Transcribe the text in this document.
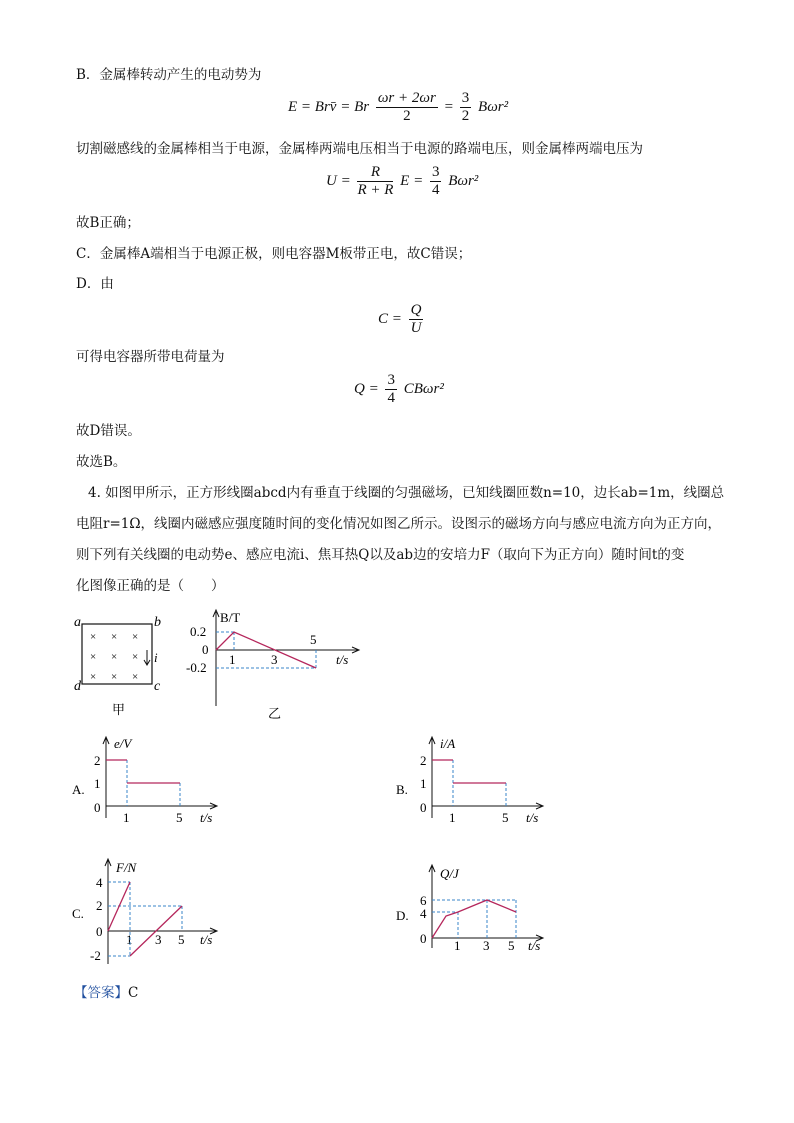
B．金属棒转动产生的电动势为
E = Brv̄ = Br $\frac{\omega r + 2\omega r}{2} = \frac{3}{2} B\omega r^2$
切割磁感线的金属棒相当于电源，金属棒两端电压相当于电源的路端电压，则金属棒两端电压为
$U = \frac{R}{R + R}$ $E = \frac{3}{4} B\omega r^2$
故B正确；
C．金属棒A端相当于电源正极，则电容器M板带正电，故C错误；
D．由
$C = \frac{Q}{U}$
可得电容器所带电荷量为
$Q = \frac{3}{4} CB\omega r^2$
故D错误。
故选B。
4. 如图甲所示，正方形线圈abcd内有垂直于线圈的匀强磁场，已知线圈匝数n=10，边长ab=1m，线圈总
电阻r=1Ω，线圈内磁感应强度随时间的变化情况如图乙所示。设图示的磁场方向与感应电流方向为正方向，
则下列有关线圈的电动势e、感应电流i、焦耳热Q以及ab边的安培力F（取向下为正方向）随时间t的变
化图像正确的是（　　）
a	b
c
d
× × ×
× × ×
× × ×
i
甲
B/T
t/s
0.2
0
-0.2
1	3
5
乙
A.
e/V
t/s
2
1
0
1	5
B.
i/A
t/s
2
1
0
1	5
C.
F/N
t/s
4
2
0
-2
1 3 5
D.
Q/J
t/s
6
4
0 1 3 5
【答案】C
